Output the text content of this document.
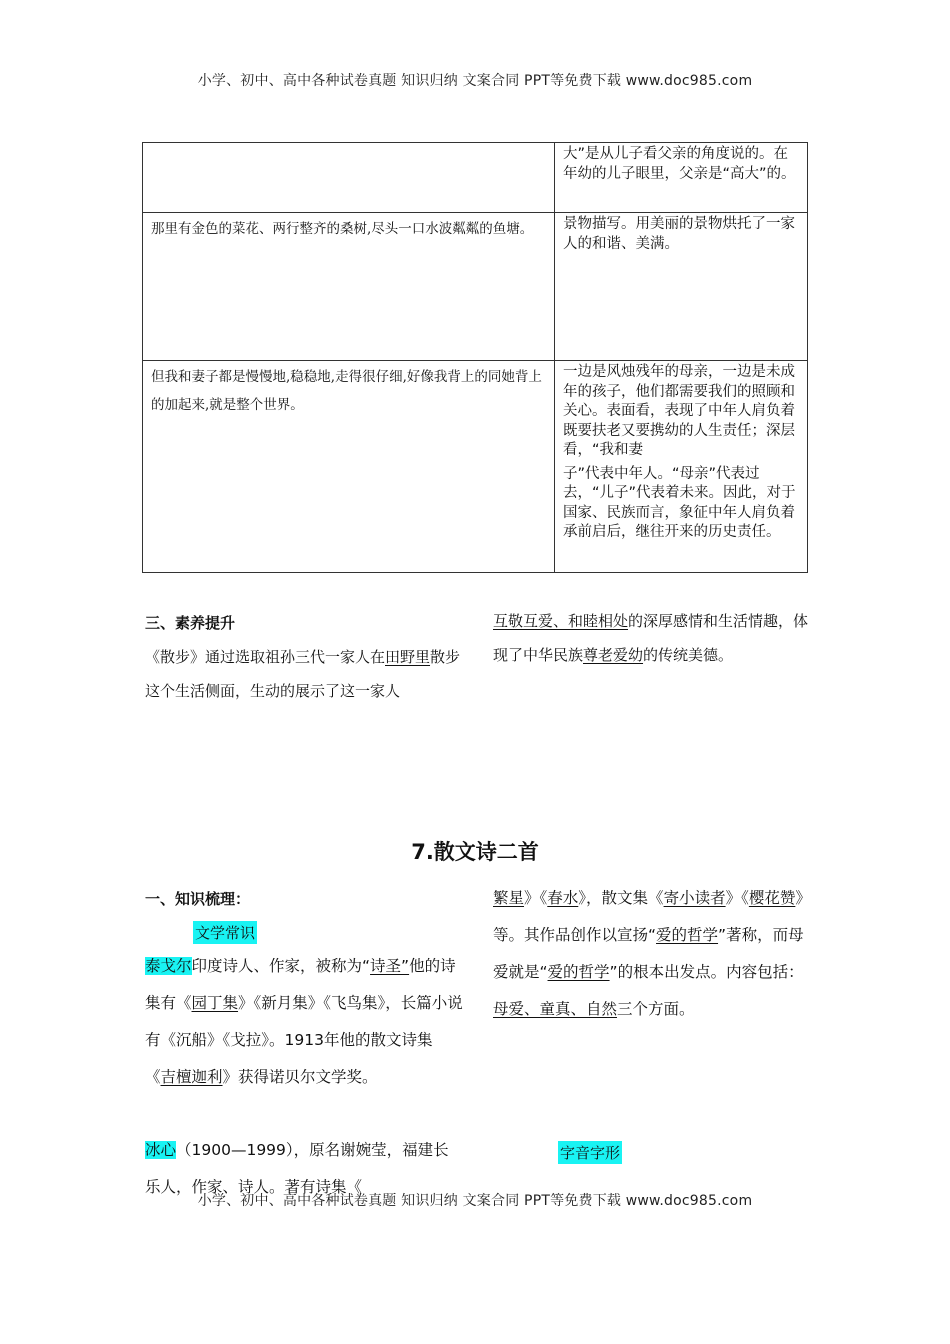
小学、初中、高中各种试卷真题 知识归纳 文案合同 PPT等免费下载 www.doc985.com
	大”是从儿子看父亲的角度说的。在年幼的儿子眼里，父亲是“高大”的。
那里有金色的菜花、两行整齐的桑树,尽头一口水波粼粼的鱼塘。	景物描写。用美丽的景物烘托了一家人的和谐、美满。
但我和妻子都是慢慢地,稳稳地,走得很仔细,好像我背上的同她背上的加起来,就是整个世界。	一边是风烛残年的母亲，一边是未成年的孩子，他们都需要我们的照顾和关心。表面看，表现了中年人肩负着既要扶老又要携幼的人生责任；深层看，“我和妻

子”代表中年人。“母亲”代表过去，“儿子”代表着未来。因此，对于国家、民族而言，象征中年人肩负着承前启后，继往开来的历史责任。

三、素养提升

《散步》通过选取祖孙三代一家人在田野里散步这个生活侧面，生动的展示了这一家人

互敬互爱、和睦相处的深厚感情和生活情趣，体现了中华民族尊老爱幼的传统美德。

7.散文诗二首
一、知识梳理：
文学常识

泰戈尔印度诗人、作家，被称为“诗圣”他的诗集有《园丁集》《新月集》《飞鸟集》，长篇小说有《沉船》《戈拉》。1913年他的散文诗集《吉檀迦利》获得诺贝尔文学奖。

冰心（1900—1999），原名谢婉莹，福建长乐人，作家、诗人。著有诗集《

繁星》《春水》，散文集《寄小读者》《樱花赞》等。其作品创作以宣扬“爱的哲学”著称，而母爱就是“爱的哲学”的根本出发点。内容包括：母爱、童真、自然三个方面。

字音字形
小学、初中、高中各种试卷真题 知识归纳 文案合同 PPT等免费下载 www.doc985.com
